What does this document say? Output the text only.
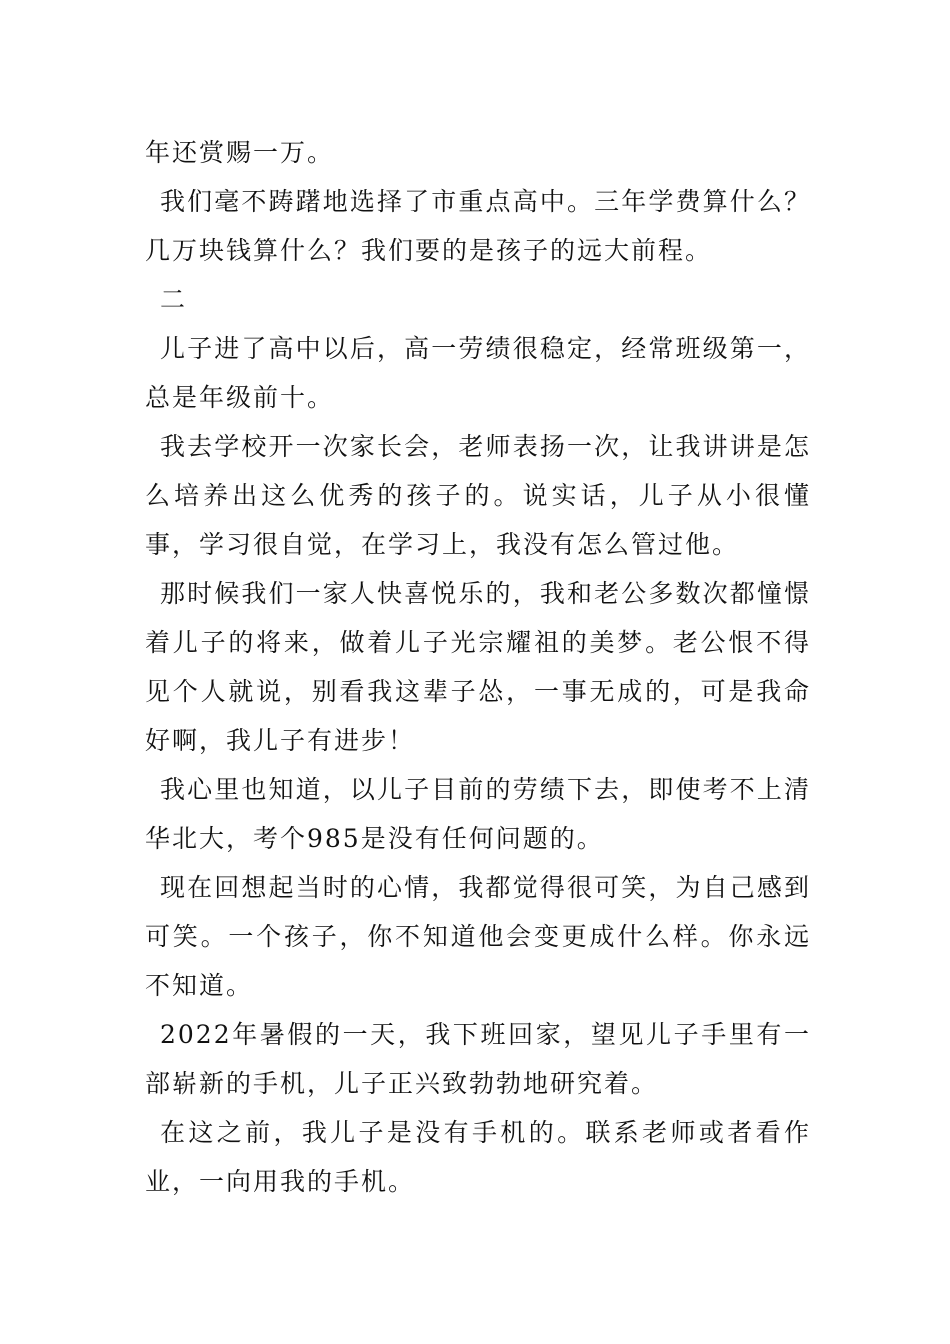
年还赏赐一万。

我们毫不踌躇地选择了市重点高中。三年学费算什么？几万块钱算什么？我们要的是孩子的远大前程。

二

儿子进了高中以后，高一劳绩很稳定，经常班级第一，总是年级前十。

我去学校开一次家长会，老师表扬一次，让我讲讲是怎么培养出这么优秀的孩子的。说实话，儿子从小很懂事，学习很自觉，在学习上，我没有怎么管过他。

那时候我们一家人快喜悦乐的，我和老公多数次都憧憬着儿子的将来，做着儿子光宗耀祖的美梦。老公恨不得见个人就说，别看我这辈子怂，一事无成的，可是我命好啊，我儿子有进步！

我心里也知道，以儿子目前的劳绩下去，即使考不上清华北大，考个985是没有任何问题的。

现在回想起当时的心情，我都觉得很可笑，为自己感到可笑。一个孩子，你不知道他会变更成什么样。你永远不知道。

2022年暑假的一天，我下班回家，望见儿子手里有一部崭新的手机，儿子正兴致勃勃地研究着。

在这之前，我儿子是没有手机的。联系老师或者看作业，一向用我的手机。
